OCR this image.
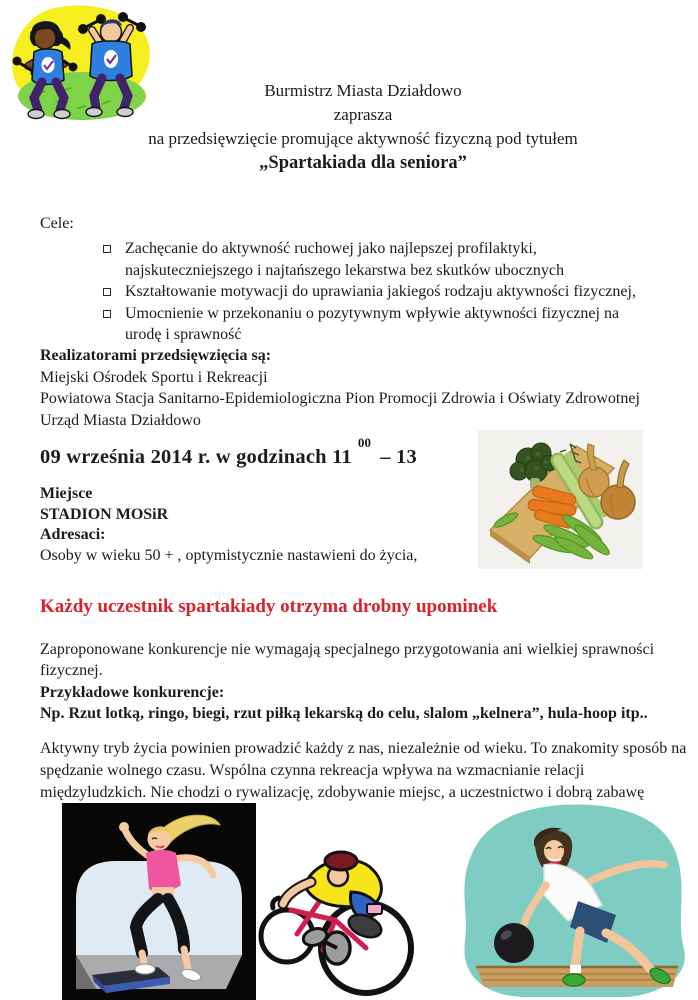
Burmistrz Miasta Działdowo
zaprasza
na przedsięwzięcie promujące aktywność fizyczną pod tytułem
„Spartakiada dla seniora”
Cele:
Zachęcanie do aktywność ruchowej jako najlepszej profilaktyki, najskuteczniejszego i najtańszego lekarstwa bez skutków ubocznych
Kształtowanie motywacji do uprawiania jakiegoś rodzaju aktywności fizycznej,
Umocnienie w przekonaniu o pozytywnym wpływie aktywności fizycznej na urodę i sprawność
Realizatorami przedsięwzięcia są:
Miejski Ośrodek Sportu i Rekreacji
Powiatowa Stacja Sanitarno-Epidemiologiczna Pion Promocji Zdrowia i Oświaty Zdrowotnej
Urząd Miasta Działdowo
09 września 2014 r. w godzinach $11^{00}-$ 13
Miejsce
STADION MOSiR
Adresaci:
Osoby w wieku 50 + , optymistycznie nastawieni do życia,
Każdy uczestnik spartakiady otrzyma drobny upominek
Zaproponowane konkurencje nie wymagają specjalnego przygotowania ani wielkiej sprawności fizycznej.
Przykładowe konkurencje:
Np. Rzut lotką, ringo, biegi, rzut piłką lekarską do celu, slalom „kelnera”, hula-hoop itp..
Aktywny tryb życia powinien prowadzić każdy z nas, niezależnie od wieku. To znakomity sposób na spędzanie wolnego czasu. Wspólna czynna rekreacja wpływa na wzmacnianie relacji międzyludzkich. Nie chodzi o rywalizację, zdobywanie miejsc, a uczestnictwo i dobrą zabawę
